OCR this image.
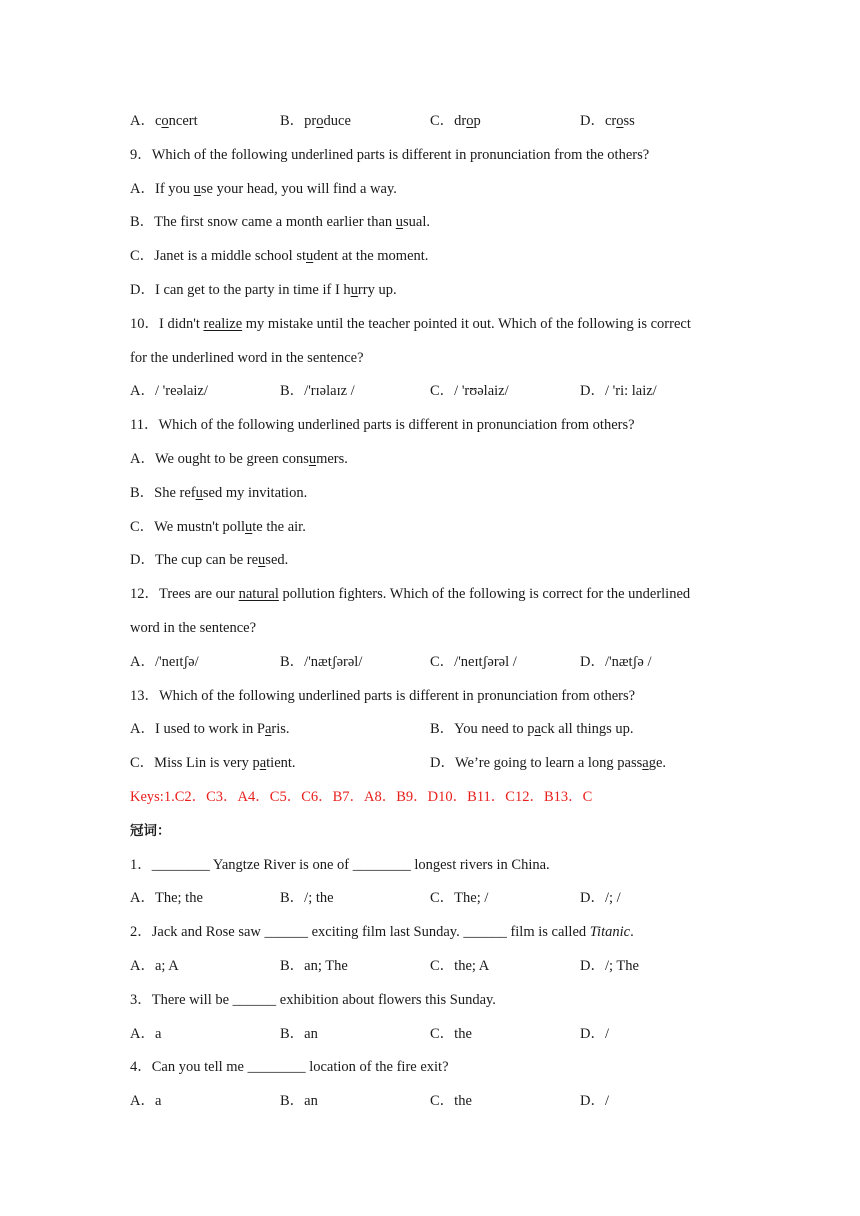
A．concert	B．produce	C．drop	D．cross
9．Which of the following underlined parts is different in pronunciation from the others?
A．If you use your head, you will find a way.
B．The first snow came a month earlier than usual.
C．Janet is a middle school student at the moment.
D．I can get to the party in time if I hurry up.
10．I didn't realize my mistake until the teacher pointed it out. Which of the following is correct
for the underlined word in the sentence?
A．/ 'reəlaiz/	B．/'rɪəlaɪz /	C．/ 'rʊəlaiz/	D．/ 'ri: laiz/
11．Which of the following underlined parts is different in pronunciation from others?
A．We ought to be green consumers.
B．She refused my invitation.
C．We mustn't pollute the air.
D．The cup can be reused.
12．Trees are our natural pollution fighters. Which of the following is correct for the underlined
word in the sentence?
A．/'neɪtʃə/	B．/'nætʃərəl/	C．/'neɪtʃərəl /	D．/'nætʃə /
13．Which of the following underlined parts is different in pronunciation from others?
A．I used to work in Paris.	B．You need to pack all things up.
C．Miss Lin is very patient.	D．We’re going to learn a long passage.
Keys:1.C2．C3．A4．C5．C6．B7．A8．B9．D10．B11．C12．B13．C
冠词：
1．________ Yangtze River is one of ________ longest rivers in China.
A．The; the	B．/; the	C．The; /	D．/; /
2．Jack and Rose saw ______ exciting film last Sunday. ______ film is called Titanic.
A．a; A	B．an; The	C．the; A	D．/; The
3．There will be ______ exhibition about flowers this Sunday.
A．a	B．an	C．the	D．/
4．Can you tell me ________ location of the fire exit?
A．a	B．an	C．the	D．/
